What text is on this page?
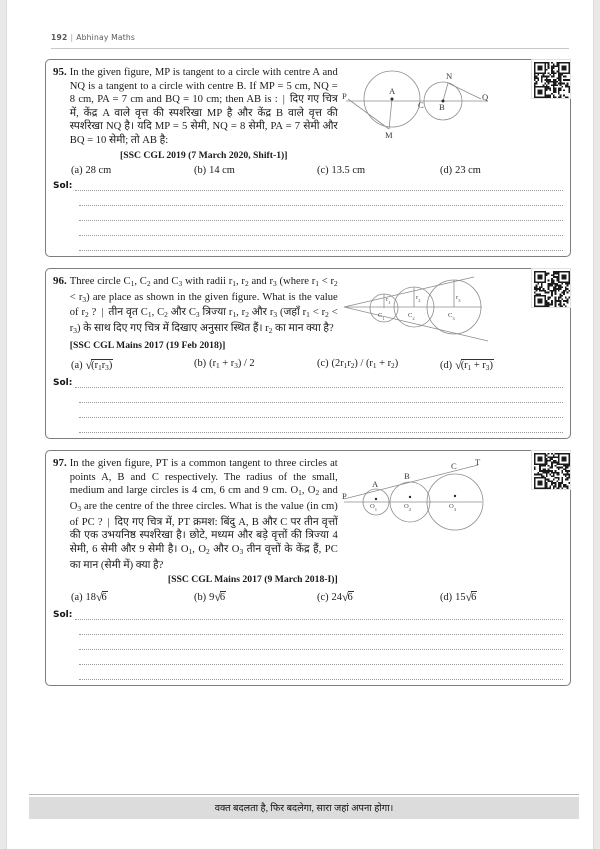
192 | Abhinay Maths
95. In the given figure, MP is tangent to a circle with centre A and NQ is a tangent to a circle with centre B. If MP = 5 cm, NQ = 8 cm, PA = 7 cm and BQ = 10 cm; then AB is : | दिए गए चित्र में, केंद्र A वाले वृत्त की स्पर्शरेखा MP है और केंद्र B वाले वृत्त की स्पर्शरेखा NQ है। यदि MP = 5 सेमी, NQ = 8 सेमी, PA = 7 सेमी और BQ = 10 सेमी; तो AB है:
[SSC CGL 2019 (7 March 2020, Shift-1)]
P	A
C B
N
Q
M
(a) 28 cm	(b) 14 cm	(c) 13.5 cm	(d) 23 cm
Sol:
96. Three circle $C_1$, $C_2$ and $C_3$ with radii $r_1$, $r_2$ and $r_3$ (where $r_1 < r_2 < r_3$) are place as shown in the given figure. What is the value of $r_2$ ? | तीन वृत $C_1$, $C_2$ और $C_3$ त्रिज्या $r_1$, $r_2$ और $r_3$ (जहाँ $r_1 < r_2 < r_3$) के साथ दिए गए चित्र में दिखाए अनुसार स्थित हैं। $r_2$ का मान क्या है?
[SSC CGL Mains 2017 (19 Feb 2018)]
$r_1$
$r_2$	$r_3$
$C_1$	$C_2$	$C_3$
(a) $√(r_1r_3)$	(b) $(r_1 + r_3) / 2$	(c) $(2r_1r_2) / (r_1 + r_2)$	(d) $√(r_1 + r_3)$
Sol:
97. In the given figure, PT is a common tangent to three circles at points A, B and C respectively. The radius of the small, medium and large circles is 4 cm, 6 cm and 9 cm. $O_1$, $O_2$ and $O_3$ are the centre of the three circles. What is the value (in cm) of PC ? | दिए गए चित्र में, PT क्रमश: बिंदु A, B और C पर तीन वृत्तों की एक उभयनिष्ठ स्पर्शरेखा है। छोटे, मध्यम और बड़े वृत्तों की त्रिज्या 4 सेमी, 6 सेमी और 9 सेमी है। $O_1$, $O_2$ और $O_3$ तीन वृत्तों के केंद्र हैं, PC का मान (सेमी में) क्या है?
[SSC CGL Mains 2017 (9 March 2018-I)]
P
A
B
C T
$O_1$	$O_2$	$O_3$
(a) 18√6	(b) 9√6	(c) 24√6	(d) 15√6
Sol:
वक्त बदलता है, फिर बदलेगा, सारा जहां अपना होगा।
